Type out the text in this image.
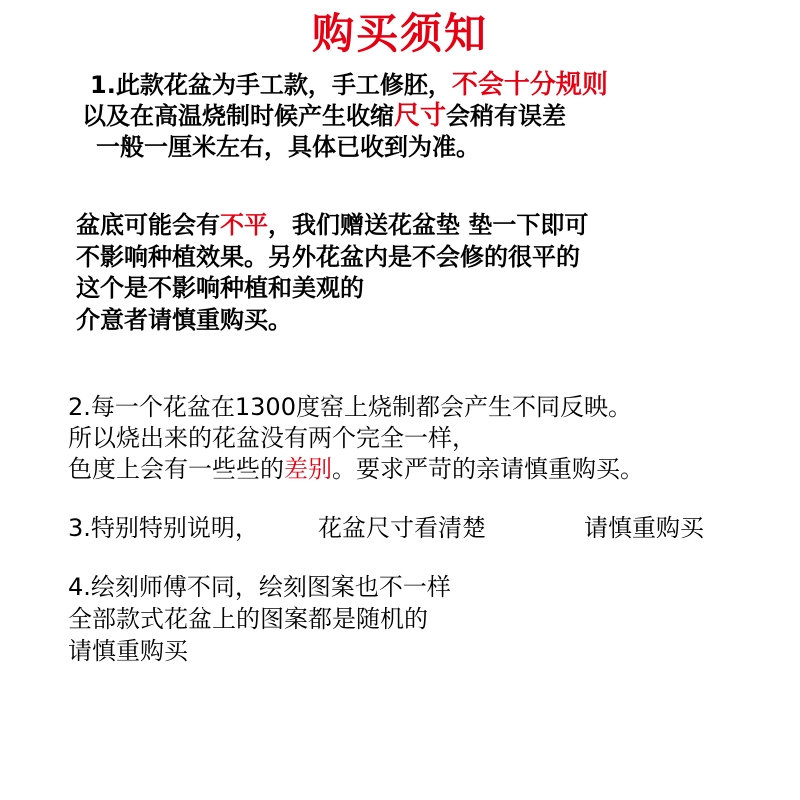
购买须知
1.此款花盆为手工款，手工修胚，不会十分规则
以及在高温烧制时候产生收缩尺寸会稍有误差
一般一厘米左右，具体已收到为准。
盆底可能会有不平，我们赠送花盆垫 垫一下即可
不影响种植效果。另外花盆内是不会修的很平的
这个是不影响种植和美观的
介意者请慎重购买。
2.每一个花盆在1300度窑上烧制都会产生不同反映。
所以烧出来的花盆没有两个完全一样，
色度上会有一些些的差别。要求严苛的亲请慎重购买。
3.特别特别说明， 花盆尺寸看清楚	请慎重购买
4.绘刻师傅不同，绘刻图案也不一样
全部款式花盆上的图案都是随机的
请慎重购买
